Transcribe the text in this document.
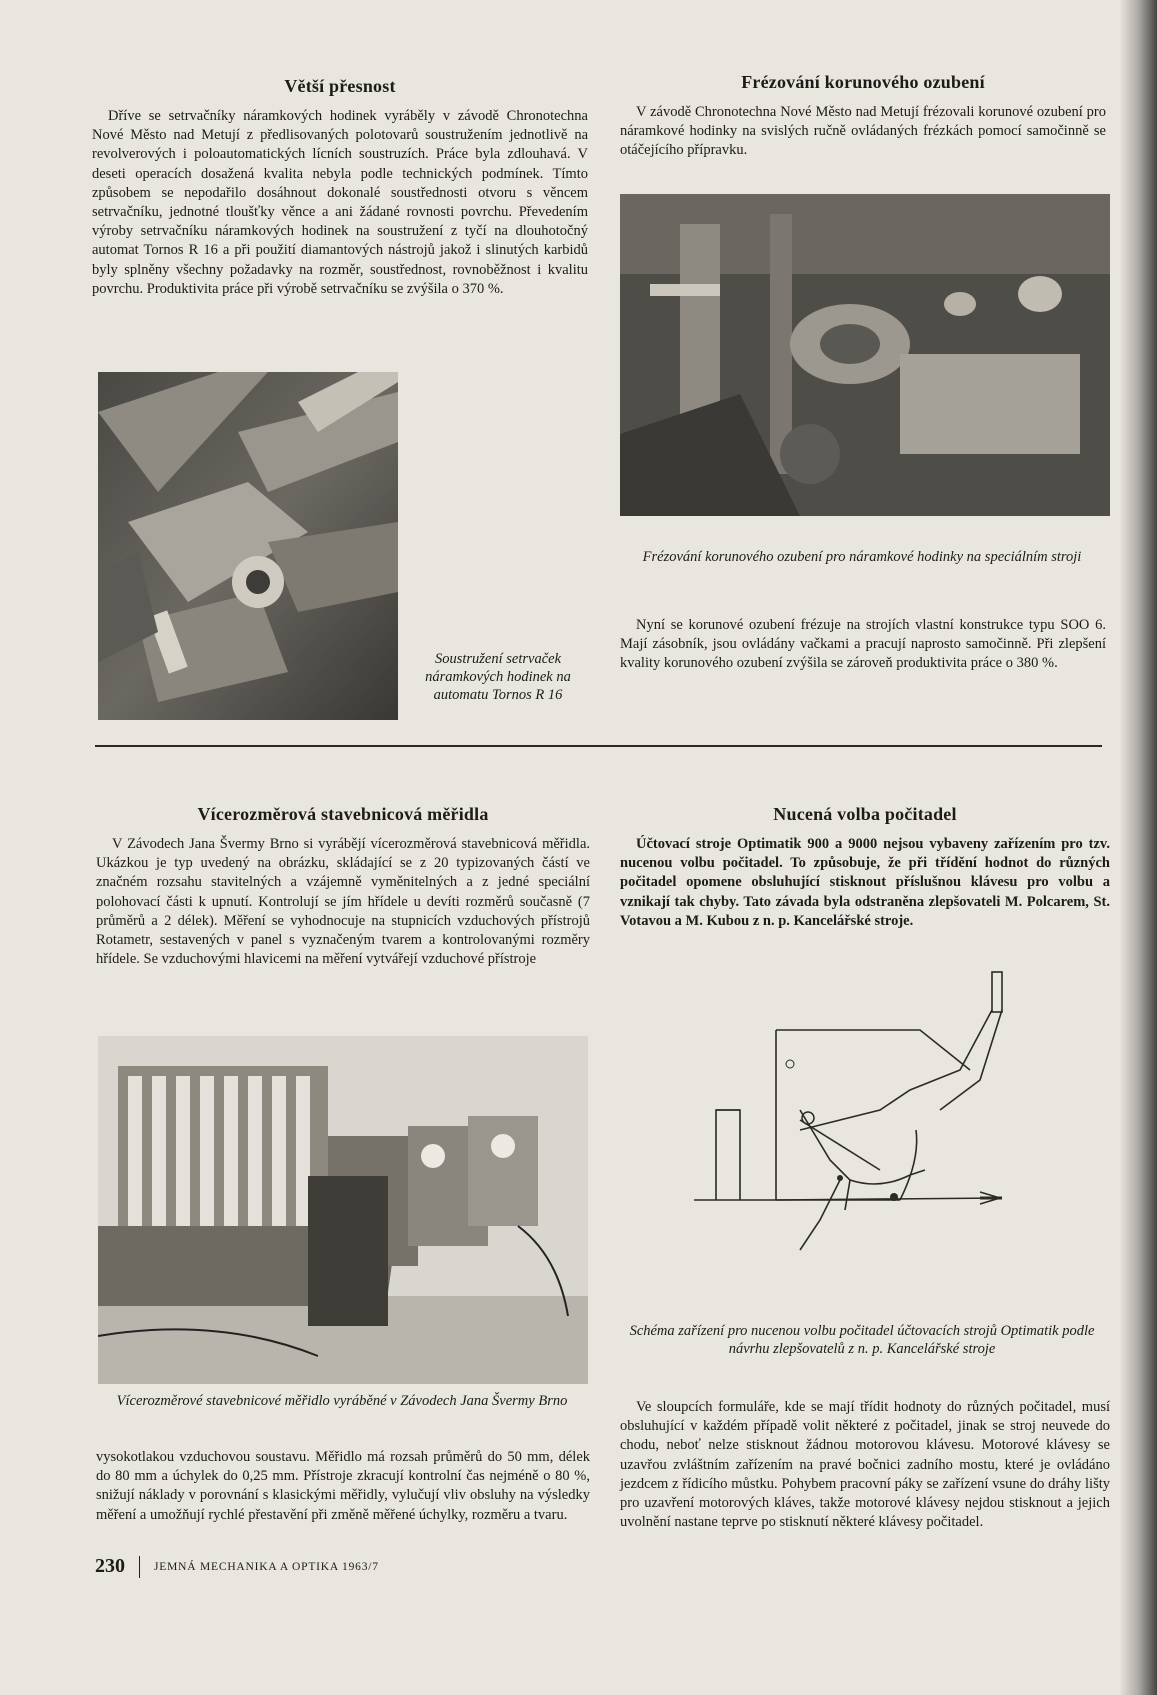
Větší přesnost

Dříve se setrvačníky náramkových hodinek vyráběly v závodě Chronotechna Nové Město nad Metují z předlisovaných polotovarů soustružením jednotlivě na revolverových i poloautomatických lícních soustruzích. Práce byla zdlouhavá. V deseti operacích dosažená kvalita nebyla podle technických podmínek. Tímto způsobem se nepodařilo dosáhnout dokonalé soustřednosti otvoru s věncem setrvačníku, jednotné tloušťky věnce a ani žádané rovnosti povrchu. Převedením výroby setrvačníku náramkových hodinek na soustružení z tyčí na dlouhotočný automat Tornos R 16 a při použití diamantových nástrojů jakož i slinutých karbidů byly splněny všechny požadavky na rozměr, soustřednost, rovnoběžnost i kvalitu povrchu. Produktivita práce při výrobě setrvačníku se zvýšila o 370 %.

Soustružení setrvaček náramkových hodinek na automatu Tornos R 16

Frézování korunového ozubení

V závodě Chronotechna Nové Město nad Metují frézovali korunové ozubení pro náramkové hodinky na svislých ručně ovládaných frézkách pomocí samočinně se otáčejícího přípravku.

Frézování korunového ozubení pro náramkové hodinky na speciálním stroji

Nyní se korunové ozubení frézuje na strojích vlastní konstrukce typu SOO 6. Mají zásobník, jsou ovládány vačkami a pracují naprosto samočinně. Při zlepšení kvality korunového ozubení zvýšila se zároveň produktivita práce o 380 %.

Vícerozměrová stavebnicová měřidla

V Závodech Jana Švermy Brno si vyrábějí vícerozměrová stavebnicová měřidla. Ukázkou je typ uvedený na obrázku, skládající se z 20 typizovaných částí ve značném rozsahu stavitelných a vzájemně vyměnitelných a z jedné speciální polohovací části k upnutí. Kontrolují se jím hřídele u devíti rozměrů současně (7 průměrů a 2 délek). Měření se vyhodnocuje na stupnicích vzduchových přístrojů Rotametr, sestavených v panel s vyznačeným tvarem a kontrolovanými rozměry hřídele. Se vzduchovými hlavicemi na měření vytvářejí vzduchové přístroje

Vícerozměrové stavebnicové měřidlo vyráběné v Závodech Jana Švermy Brno

vysokotlakou vzduchovou soustavu. Měřidlo má rozsah průměrů do 50 mm, délek do 80 mm a úchylek do 0,25 mm. Přístroje zkracují kontrolní čas nejméně o 80 %, snižují náklady v porovnání s klasickými měřidly, vylučují vliv obsluhy na výsledky měření a umožňují rychlé přestavění při změně měřené úchylky, rozměru a tvaru.

Nucená volba počitadel

Účtovací stroje Optimatik 900 a 9000 nejsou vybaveny zařízením pro tzv. nucenou volbu počitadel. To způsobuje, že při třídění hodnot do různých počitadel opomene obsluhující stisknout příslušnou klávesu pro volbu a vznikají tak chyby. Tato závada byla odstraněna zlepšovateli M. Polcarem, St. Votavou a M. Kubou z n. p. Kancelářské stroje.

Schéma zařízení pro nucenou volbu počitadel účtovacích strojů Optimatik podle návrhu zlepšovatelů z n. p. Kancelářské stroje

Ve sloupcích formuláře, kde se mají třídit hodnoty do různých počitadel, musí obsluhující v každém případě volit některé z počitadel, jinak se stroj neuvede do chodu, neboť nelze stisknout žádnou motorovou klávesu. Motorové klávesy se uzavřou zvláštním zařízením na pravé bočnici zadního mostu, které je ovládáno jezdcem z řídicího můstku. Pohybem pracovní páky se zařízení vsune do dráhy lišty pro uzavření motorových kláves, takže motorové klávesy nejdou stisknout a jejich uvolnění nastane teprve po stisknutí některé klávesy počitadel.

230	JEMNÁ MECHANIKA A OPTIKA 1963/7
